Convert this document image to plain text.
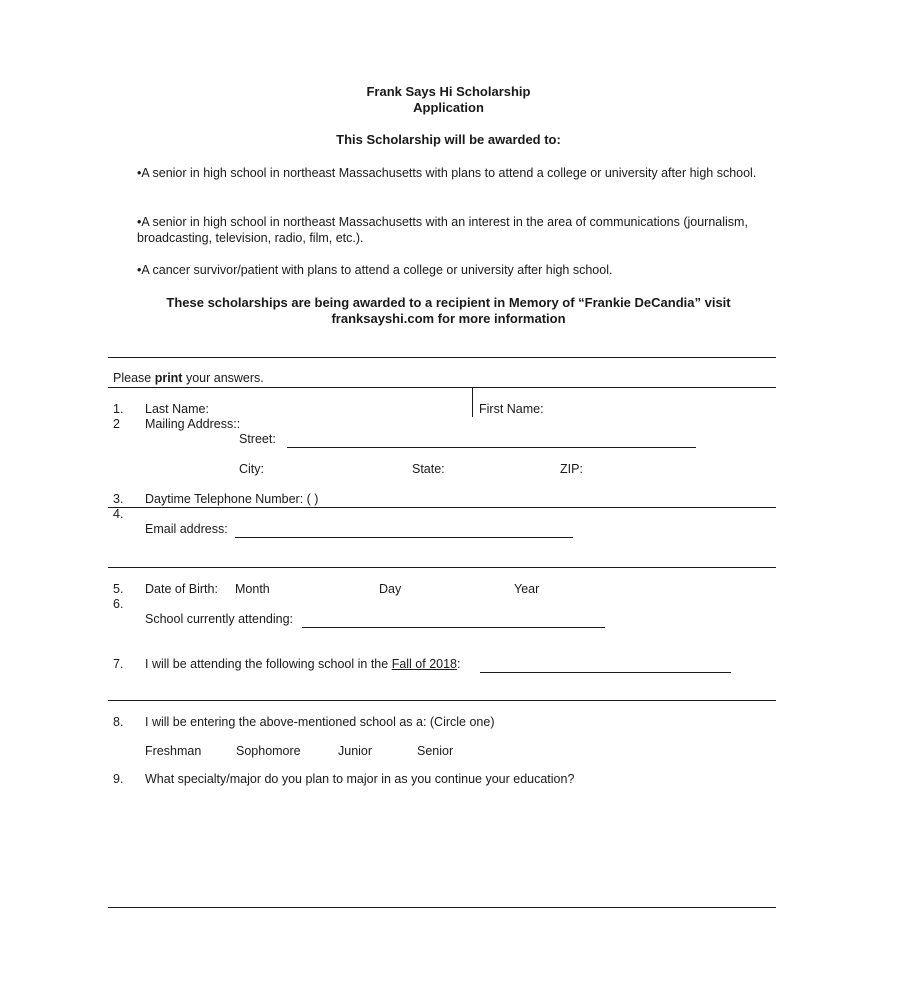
Frank Says Hi Scholarship
Application
This Scholarship will be awarded to:
•A senior in high school in northeast Massachusetts with plans to attend a college or university after high school.
•A senior in high school in northeast Massachusetts with an interest in the area of communications (journalism, broadcasting, television, radio, film, etc.).
•A cancer survivor/patient with plans to attend a college or university after high school.
These scholarships are being awarded to a recipient in Memory of “Frankie DeCandia” visit
franksayshi.com for more information
Please print your answers.
1. Last Name:	First Name:
2 Mailing Address::
Street:
City:	State:	ZIP:
3. Daytime Telephone Number: ( )
4.
Email address:
5. Date of Birth: Month	Day	Year
6.
School currently attending:
7. I will be attending the following school in the Fall of 2018:
8. I will be entering the above-mentioned school as a: (Circle one)
Freshman	Sophomore	Junior	Senior
9. What specialty/major do you plan to major in as you continue your education?
